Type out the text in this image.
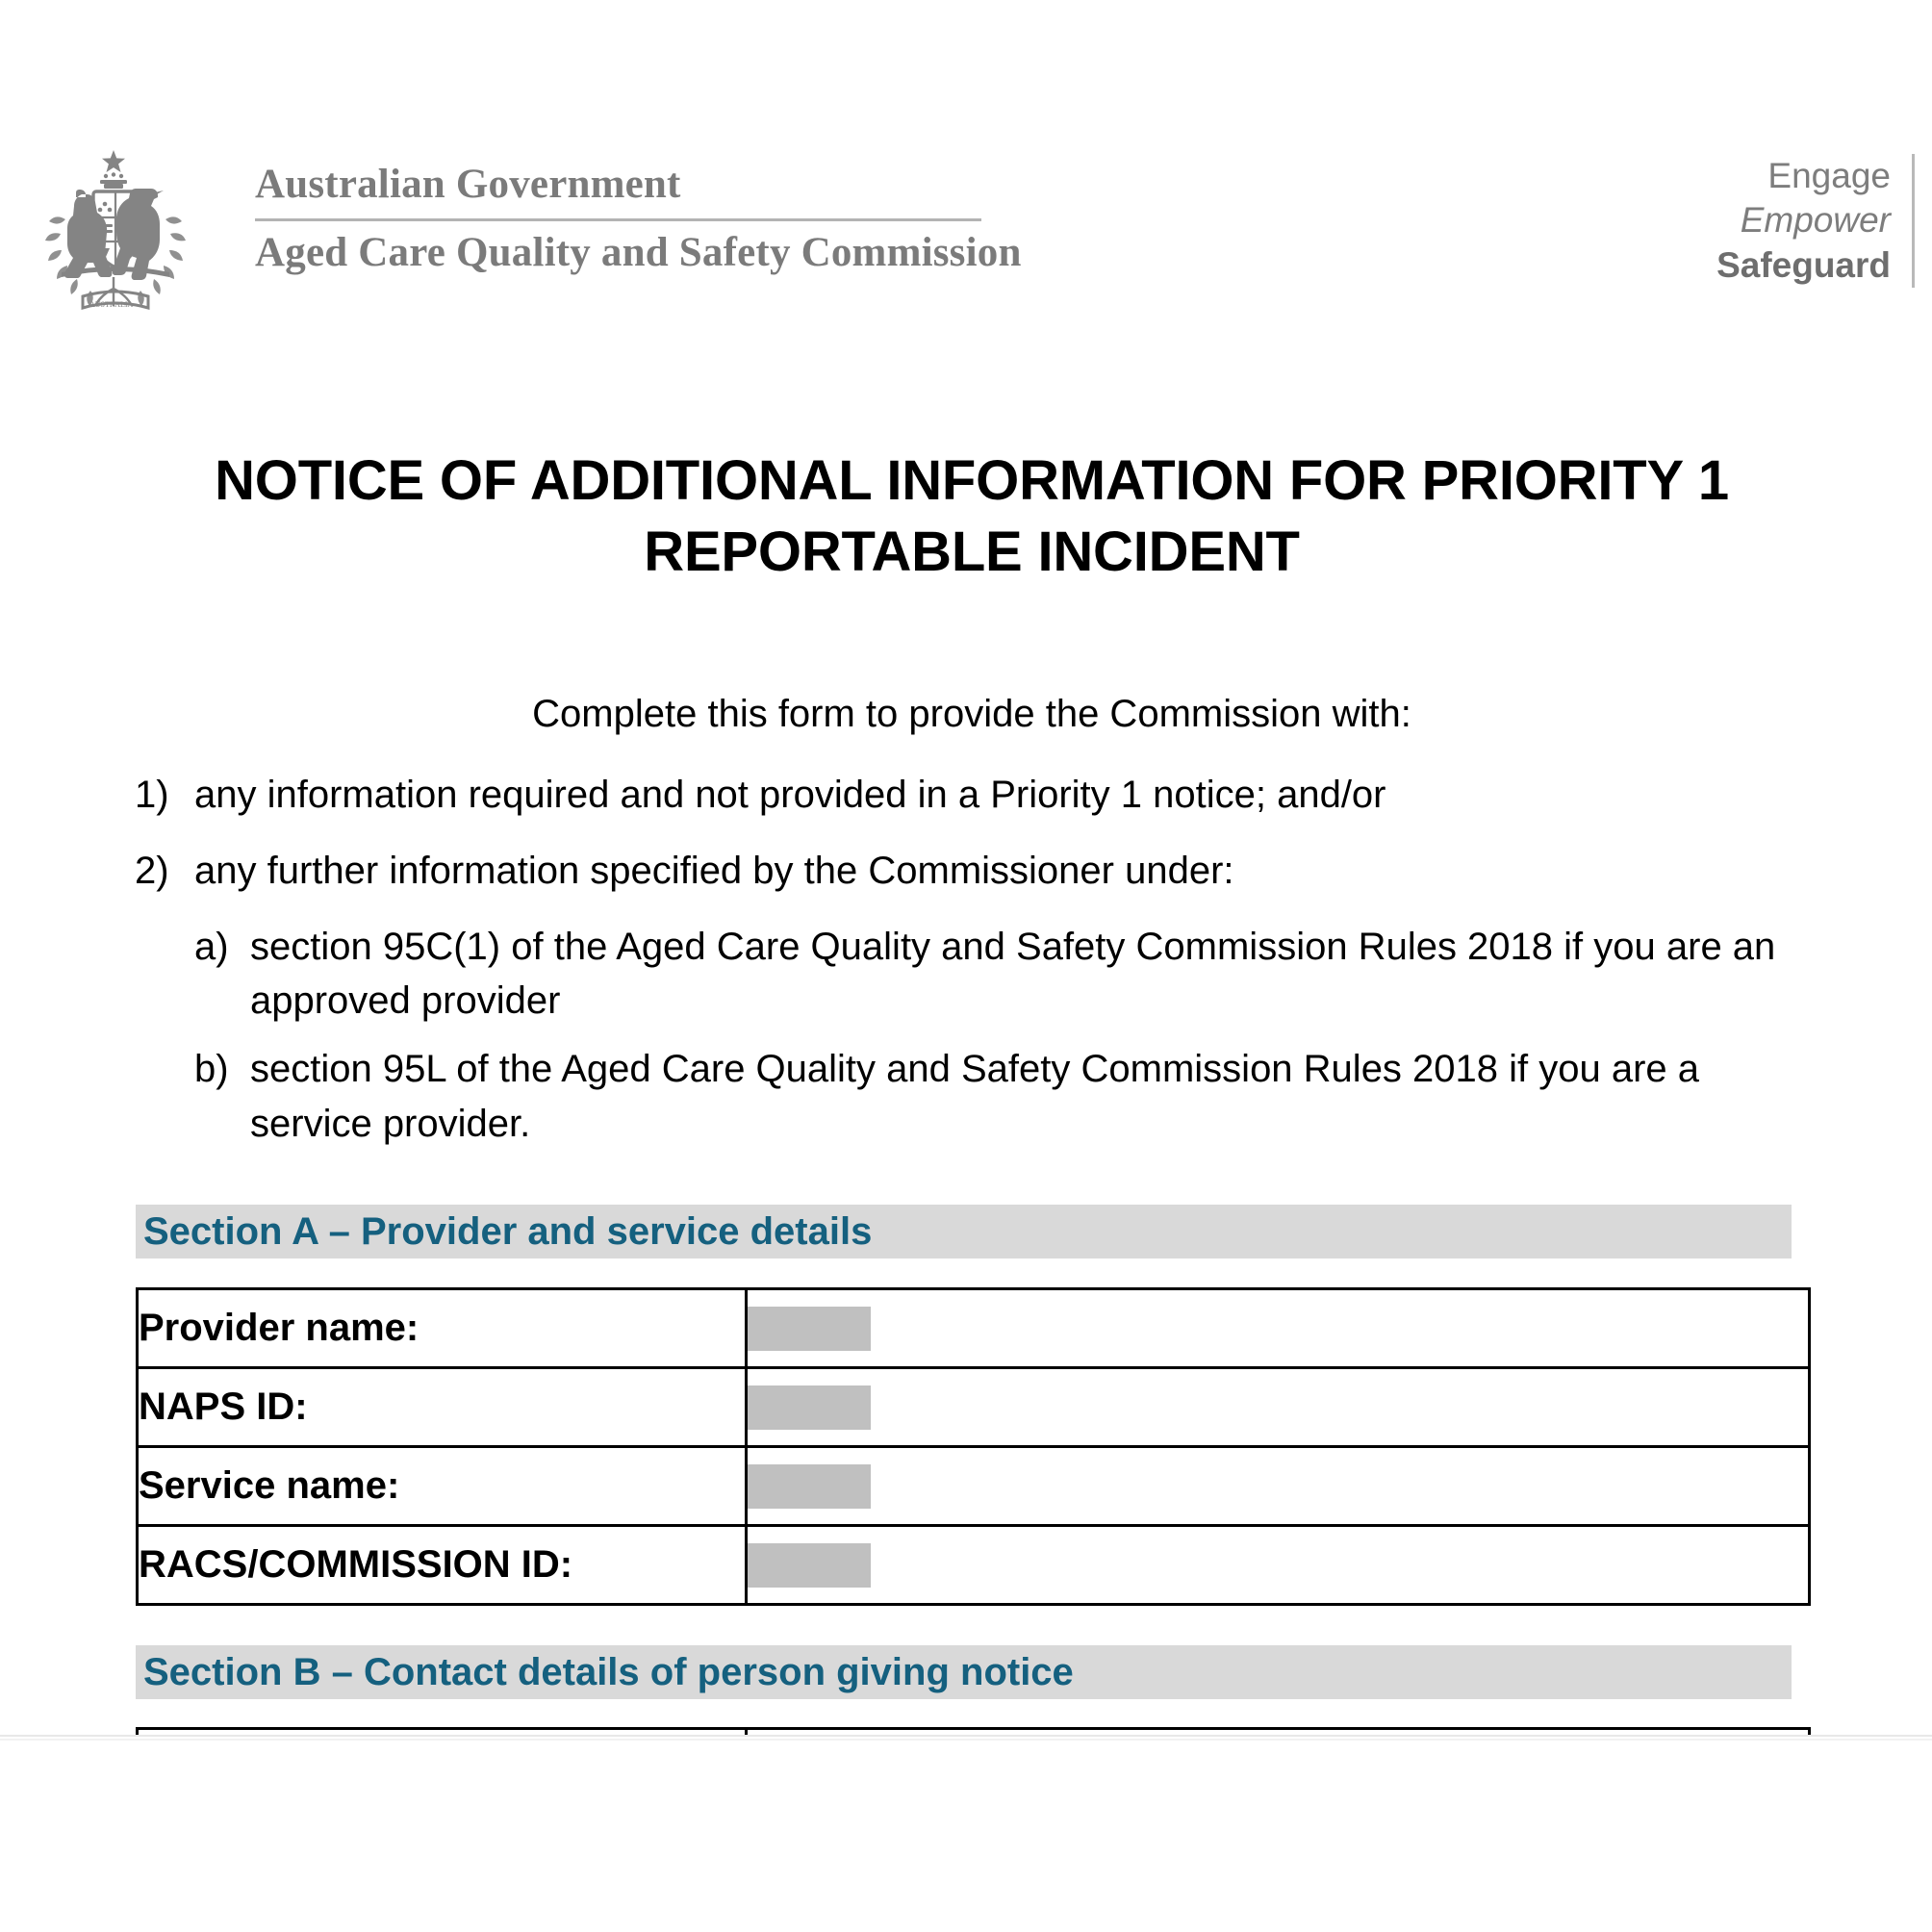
AUSTRALIA
Australian Government
Aged Care Quality and Safety Commission
Engage
Empower
Safeguard
NOTICE OF ADDITIONAL INFORMATION FOR PRIORITY 1 REPORTABLE INCIDENT

Complete this form to provide the Commission with:

1) any information required and not provided in a Priority 1 notice; and/or
2) any further information specified by the Commissioner under:
a) section 95C(1) of the Aged Care Quality and Safety Commission Rules 2018 if you are an approved provider
b) section 95L of the Aged Care Quality and Safety Commission Rules 2018 if you are a service provider.
Section A – Provider and service details
Provider name:	

NAPS ID:	

Service name:	

RACS/COMMISSION ID:	
Section B – Contact details of person giving notice
